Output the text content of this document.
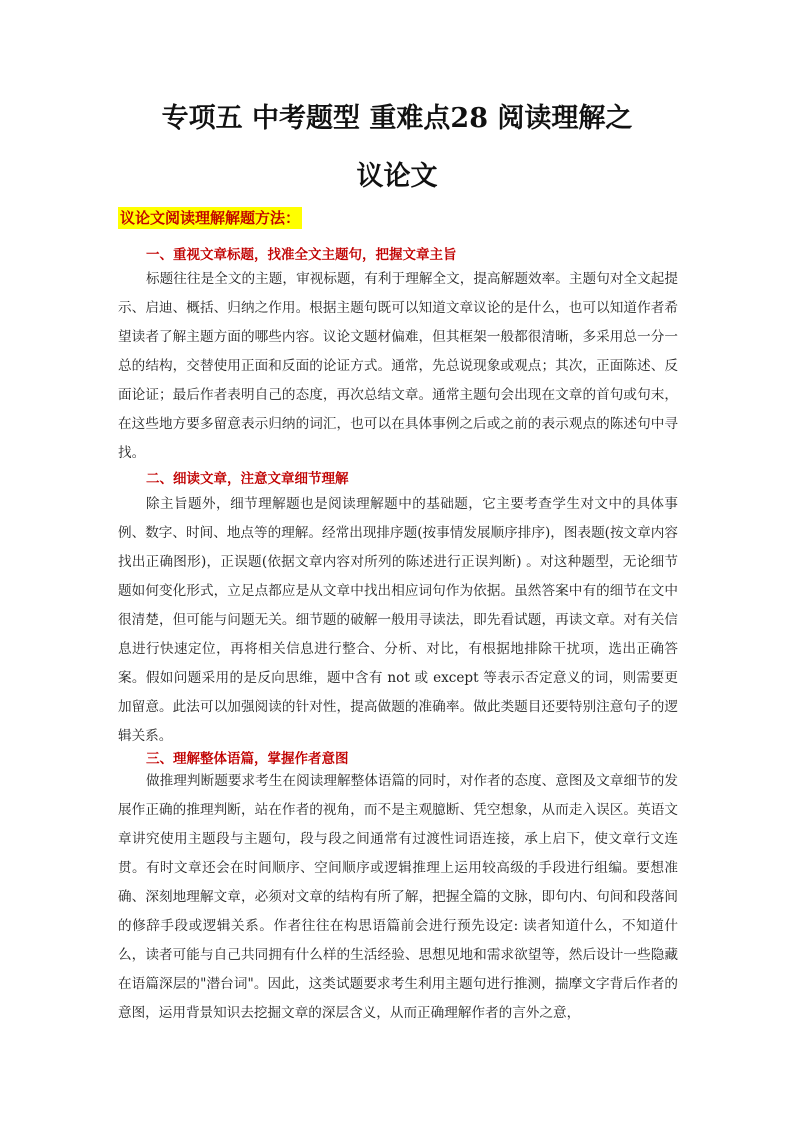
专项五 中考题型 重难点28 阅读理解之
议论文
议论文阅读理解解题方法：
一、重视文章标题，找准全文主题句，把握文章主旨

标题往往是全文的主题，审视标题，有利于理解全文，提高解题效率。主题句对全文起提示、启迪、概括、归纳之作用。根据主题句既可以知道文章议论的是什么，也可以知道作者希望读者了解主题方面的哪些内容。议论文题材偏难，但其框架一般都很清晰，多采用总一分一总的结构，交替使用正面和反面的论证方式。通常，先总说现象或观点；其次，正面陈述、反面论证；最后作者表明自己的态度，再次总结文章。通常主题句会出现在文章的首句或句末，在这些地方要多留意表示归纳的词汇，也可以在具体事例之后或之前的表示观点的陈述句中寻找。

二、细读文章，注意文章细节理解

除主旨题外，细节理解题也是阅读理解题中的基础题，它主要考查学生对文中的具体事例、数字、时间、地点等的理解。经常出现排序题(按事情发展顺序排序)，图表题(按文章内容找出正确图形)，正误题(依据文章内容对所列的陈述进行正误判断) 。对这种题型，无论细节题如何变化形式，立足点都应是从文章中找出相应词句作为依据。虽然答案中有的细节在文中很清楚，但可能与问题无关。细节题的破解一般用寻读法，即先看试题，再读文章。对有关信息进行快速定位，再将相关信息进行整合、分析、对比，有根据地排除干扰项，选出正确答案。假如问题采用的是反向思维，题中含有 not 或 except 等表示否定意义的词，则需要更加留意。此法可以加强阅读的针对性，提高做题的准确率。做此类题目还要特别注意句子的逻辑关系。

三、理解整体语篇，掌握作者意图

做推理判断题要求考生在阅读理解整体语篇的同时，对作者的态度、意图及文章细节的发展作正确的推理判断，站在作者的视角，而不是主观臆断、凭空想象，从而走入误区。英语文章讲究使用主题段与主题句，段与段之间通常有过渡性词语连接，承上启下，使文章行文连贯。有时文章还会在时间顺序、空间顺序或逻辑推理上运用较高级的手段进行组编。要想准确、深刻地理解文章，必须对文章的结构有所了解，把握全篇的文脉，即句内、句间和段落间的修辞手段或逻辑关系。作者往往在构思语篇前会进行预先设定: 读者知道什么，不知道什么，读者可能与自己共同拥有什么样的生活经验、思想见地和需求欲望等，然后设计一些隐藏在语篇深层的"潜台词"。因此，这类试题要求考生利用主题句进行推测，揣摩文字背后作者的意图，运用背景知识去挖掘文章的深层含义，从而正确理解作者的言外之意，
